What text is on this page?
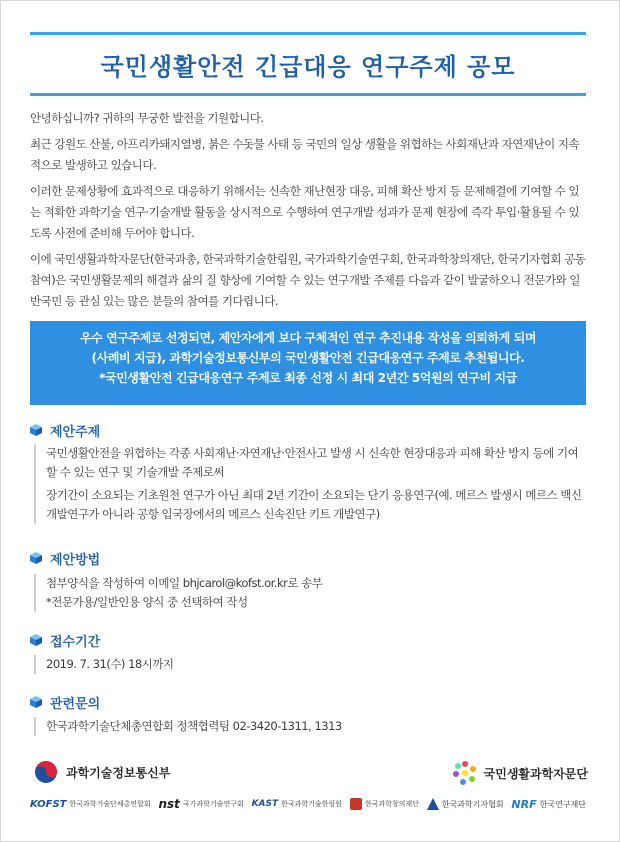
국민생활안전 긴급대응 연구주제 공모

안녕하십니까? 귀하의 무궁한 발전을 기원합니다.

최근 강원도 산불, 아프리카돼지열병, 붉은 수돗물 사태 등 국민의 일상 생활을 위협하는 사회재난과 자연재난이 지속적으로 발생하고 있습니다.

이러한 문제상황에 효과적으로 대응하기 위해서는 신속한 재난현장 대응, 피해 확산 방지 등 문제해결에 기여할 수 있는 적확한 과학기술 연구·기술개발 활동을 상시적으로 수행하여 연구개발 성과가 문제 현장에 즉각 투입·활용될 수 있도록 사전에 준비해 두어야 합니다.

이에 국민생활과학자문단(한국과총, 한국과학기술한림원, 국가과학기술연구회, 한국과학창의재단, 한국기자협회 공동 참여)은 국민생활문제의 해결과 삶의 질 향상에 기여할 수 있는 연구개발 주제를 다음과 같이 발굴하오니 전문가와 일반국민 등 관심 있는 많은 분들의 참여를 기다립니다.

우수 연구주제로 선정되면, 제안자에게 보다 구체적인 연구 추진내용 작성을 의뢰하게 되며
(사례비 지급), 과학기술정보통신부의 국민생활안전 긴급대응연구 주제로 추천됩니다.
*국민생활안전 긴급대응연구 주제로 최종 선정 시 최대 2년간 5억원의 연구비 지급
제안주제
국민생활안전을 위협하는 각종 사회재난·자연재난·안전사고 발생 시 신속한 현장대응과 피해 확산 방지 등에 기여할 수 있는 연구 및 기술개발 주제로써
장기간이 소요되는 기초원천 연구가 아닌 최대 2년 기간이 소요되는 단기 응용연구(예. 메르스 발생시 메르스 백신 개발연구가 아니라 공항 입국장에서의 메르스 신속진단 키트 개발연구)
제안방법
첨부양식을 작성하여 이메일 bhjcarol@kofst.or.kr로 송부
*전문가용/일반인용 양식 중 선택하여 작성
접수기간
2019. 7. 31(수) 18시까지
관련문의
한국과학기술단체총연합회 정책협력팀 02-3420-1311, 1313
과학기술정보통신부	국민생활과학자문단
KOFST 한국과학기술단체총연합회 nst 국가과학기술연구회 KAST 한국과학기술한림원	한국과학창의재단	한국과학기자협회 NRF 한국연구재단
